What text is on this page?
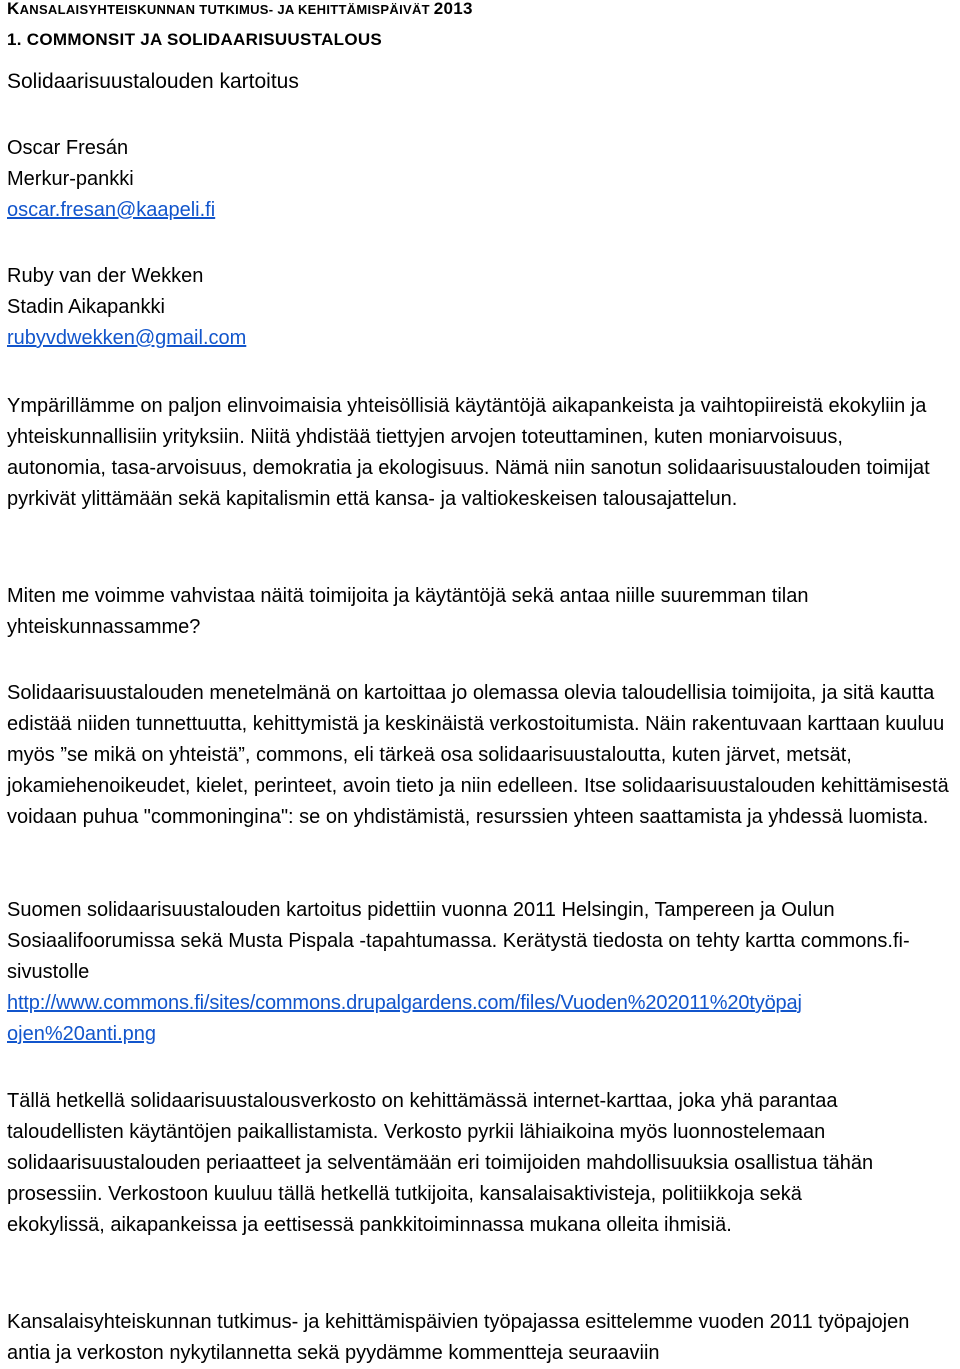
KANSALAISYHTEISKUNNAN TUTKIMUS- JA KEHITTÄMISPÄIVÄT 2013

1. COMMONSIT JA SOLIDAARISUUSTALOUS

Solidaarisuustalouden kartoitus
Oscar Fresán
Merkur-pankki
oscar.fresan@kaapeli.fi
Ruby van der Wekken
Stadin Aikapankki
rubyvdwekken@gmail.com

Ympärillämme on paljon elinvoimaisia yhteisöllisiä käytäntöjä aikapankeista ja vaihtopiireistä ekokyliin ja yhteiskunnallisiin yrityksiin. Niitä yhdistää tiettyjen arvojen toteuttaminen, kuten moniarvoisuus, autonomia, tasa-arvoisuus, demokratia ja ekologisuus. Nämä niin sanotun solidaarisuustalouden toimijat pyrkivät ylittämään sekä kapitalismin että kansa- ja valtiokeskeisen talousajattelun.

Miten me voimme vahvistaa näitä toimijoita ja käytäntöjä sekä antaa niille suuremman tilan yhteiskunnassamme?

Solidaarisuustalouden menetelmänä on kartoittaa jo olemassa olevia taloudellisia toimijoita, ja sitä kautta edistää niiden tunnettuutta, kehittymistä ja keskinäistä verkostoitumista. Näin rakentuvaan karttaan kuuluu myös ”se mikä on yhteistä”, commons, eli tärkeä osa solidaarisuustaloutta, kuten järvet, metsät, jokamiehenoikeudet, kielet, perinteet, avoin tieto ja niin edelleen. Itse solidaarisuustalouden kehittämisestä voidaan puhua "commoningina": se on yhdistämistä, resurssien yhteen saattamista ja yhdessä luomista.

Suomen solidaarisuustalouden kartoitus pidettiin vuonna 2011 Helsingin, Tampereen ja Oulun Sosiaalifoorumissa sekä Musta Pispala -tapahtumassa. Kerätystä tiedosta on tehty kartta commons.fi-sivustolle
http://www.commons.fi/sites/commons.drupalgardens.com/files/Vuoden%202011%20työpaj
ojen%20anti.png

Tällä hetkellä solidaarisuustalousverkosto on kehittämässä internet-karttaa, joka yhä parantaa taloudellisten käytäntöjen paikallistamista. Verkosto pyrkii lähiaikoina myös luonnostelemaan solidaarisuustalouden periaatteet ja selventämään eri toimijoiden mahdollisuuksia osallistua tähän prosessiin. Verkostoon kuuluu tällä hetkellä tutkijoita, kansalaisaktivisteja, politiikkoja sekä ekokylissä, aikapankeissa ja eettisessä pankkitoiminnassa mukana olleita ihmisiä.

Kansalaisyhteiskunnan tutkimus- ja kehittämispäivien työpajassa esittelemme vuoden 2011 työpajojen antia ja verkoston nykytilannetta sekä pyydämme kommentteja seuraaviin
